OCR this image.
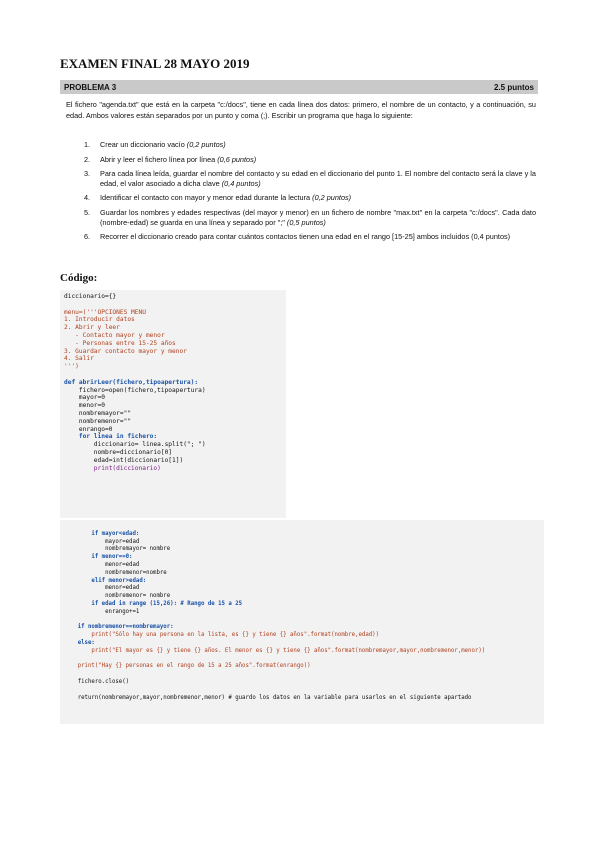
EXAMEN FINAL 28 MAYO 2019
PROBLEMA 3	2.5 puntos

El fichero "agenda.txt" que está en la carpeta "c:/docs", tiene en cada línea dos datos: primero, el nombre de un contacto, y a continuación, su edad. Ambos valores están separados por un punto y coma (;). Escribir un programa que haga lo siguiente:

1. Crear un diccionario vacío (0,2 puntos)
2. Abrir y leer el fichero línea por línea (0,6 puntos)
3. Para cada línea leída, guardar el nombre del contacto y su edad en el diccionario del punto 1. El nombre del contacto será la clave y la edad, el valor asociado a dicha clave (0,4 puntos)
4. Identificar el contacto con mayor y menor edad durante la lectura (0,2 puntos)
5. Guardar los nombres y edades respectivas (del mayor y menor) en un fichero de nombre "max.txt" en la carpeta "c:/docs". Cada dato (nombre-edad) se guarda en una línea y separado por ";" (0,5 puntos)
6. Recorrer el diccionario creado para contar cuántos contactos tienen una edad en el rango [15-25] ambos incluidos (0,4 puntos)
Código:
diccionario={}
menu=('''OPCIONES MENU
1. Introducir datos
2. Abrir y leer
- Contacto mayor y menor
- Personas entre 15-25 años
3. Guardar contacto mayor y menor
4. Salir
''')
def abrirLeer(fichero,tipoapertura):
fichero=open(fichero,tipoapertura)
mayor=0
menor=0
nombremayor=""
nombremenor=""
enrango=0
for linea in fichero:
diccionario= linea.split("; ")
nombre=diccionario[0]
edad=int(diccionario[1])
print(diccionario)
if mayor<edad:
mayor=edad
nombremayor= nombre
if menor==0:
menor=edad
nombremenor=nombre
elif menor>edad:
menor=edad
nombremenor= nombre
if edad in range (15,26): # Rango de 15 a 25
enrango+=1
if nombremenor==nombremayor:
print("Sólo hay una persona en la lista, es {} y tiene {} años".format(nombre,edad))
else:
print("El mayor es {} y tiene {} años. El menor es {} y tiene {} años".format(nombremayor,mayor,nombremenor,menor))
print("Hay {} personas en el rango de 15 a 25 años".format(enrango))
fichero.close()
return(nombremayor,mayor,nombremenor,menor) # guardo los datos en la variable para usarlos en el siguiente apartado
